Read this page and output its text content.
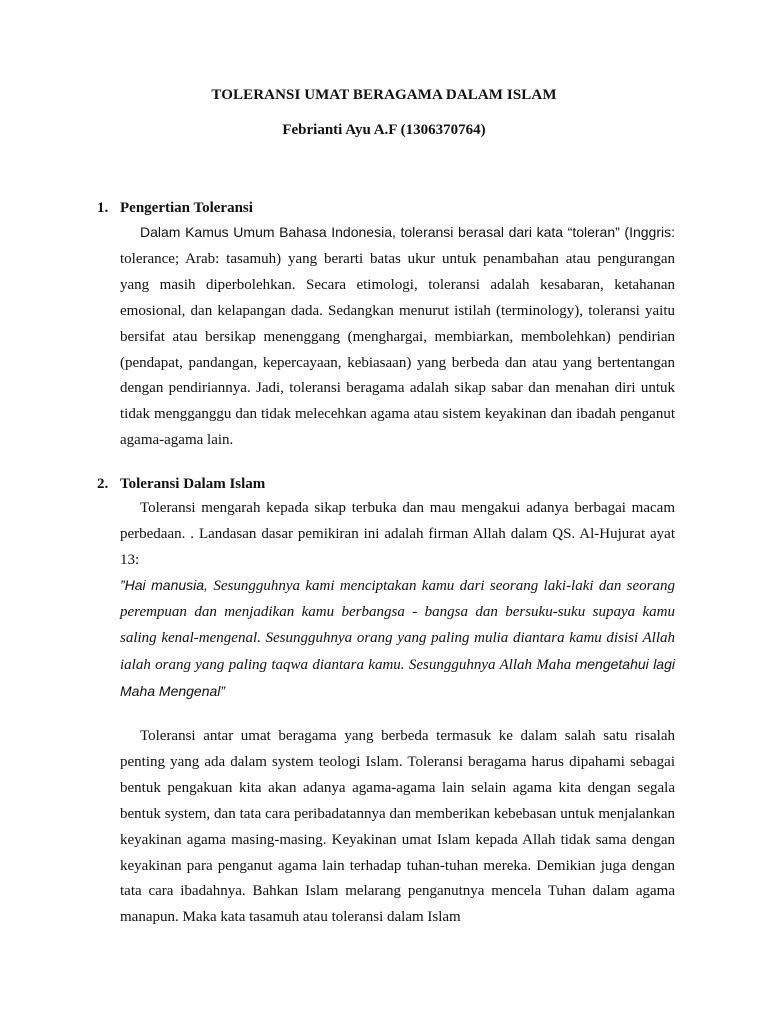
TOLERANSI UMAT BERAGAMA DALAM ISLAM
Febrianti Ayu A.F (1306370764)
1. Pengertian Toleransi

Dalam Kamus Umum Bahasa Indonesia, toleransi berasal dari kata “toleran” (Inggris: tolerance; Arab: tasamuh) yang berarti batas ukur untuk penambahan atau pengurangan yang masih diperbolehkan. Secara etimologi, toleransi adalah kesabaran, ketahanan emosional, dan kelapangan dada. Sedangkan menurut istilah (terminology), toleransi yaitu bersifat atau bersikap menenggang (menghargai, membiarkan, membolehkan) pendirian (pendapat, pandangan, kepercayaan, kebiasaan) yang berbeda dan atau yang bertentangan dengan pendiriannya. Jadi, toleransi beragama adalah sikap sabar dan menahan diri untuk tidak mengganggu dan tidak melecehkan agama atau sistem keyakinan dan ibadah penganut agama-agama lain.

2. Toleransi Dalam Islam

Toleransi mengarah kepada sikap terbuka dan mau mengakui adanya berbagai macam perbedaan. . Landasan dasar pemikiran ini adalah firman Allah dalam QS. Al-Hujurat ayat 13:

”Hai manusia, Sesungguhnya kami menciptakan kamu dari seorang laki-laki dan seorang perempuan dan menjadikan kamu berbangsa - bangsa dan bersuku-suku supaya kamu saling kenal-mengenal. Sesungguhnya orang yang paling mulia diantara kamu disisi Allah ialah orang yang paling taqwa diantara kamu. Sesungguhnya Allah Maha mengetahui lagi Maha Mengenal”

Toleransi antar umat beragama yang berbeda termasuk ke dalam salah satu risalah penting yang ada dalam system teologi Islam. Toleransi beragama harus dipahami sebagai bentuk pengakuan kita akan adanya agama-agama lain selain agama kita dengan segala bentuk system, dan tata cara peribadatannya dan memberikan kebebasan untuk menjalankan keyakinan agama masing-masing. Keyakinan umat Islam kepada Allah tidak sama dengan keyakinan para penganut agama lain terhadap tuhan-tuhan mereka. Demikian juga dengan tata cara ibadahnya. Bahkan Islam melarang penganutnya mencela Tuhan dalam agama manapun. Maka kata tasamuh atau toleransi dalam Islam
